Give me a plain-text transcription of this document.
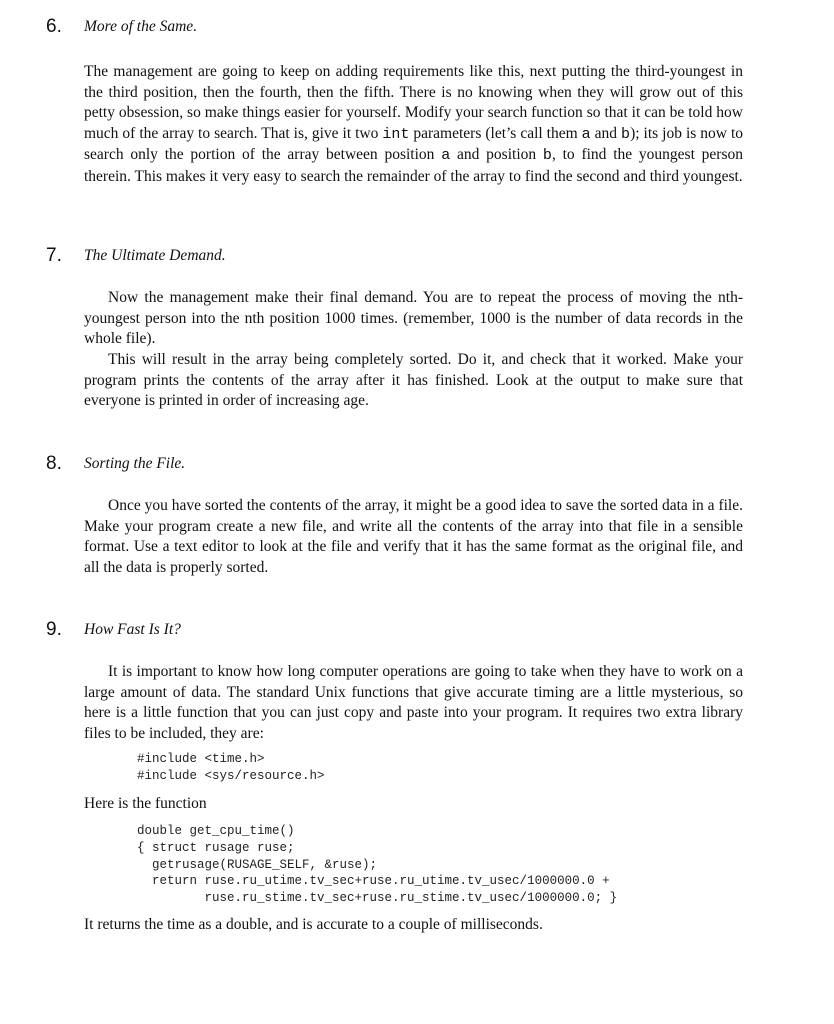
6. More of the Same.

The management are going to keep on adding requirements like this, next putting the third-youngest in the third position, then the fourth, then the fifth. There is no knowing when they will grow out of this petty obsession, so make things easier for yourself. Modify your search function so that it can be told how much of the array to search. That is, give it two int parameters (let’s call them a and b); its job is now to search only the portion of the array between position a and position b, to find the youngest person therein. This makes it very easy to search the remainder of the array to find the second and third youngest.

7. The Ultimate Demand.

Now the management make their final demand. You are to repeat the process of moving the nth-youngest person into the nth position 1000 times. (remember, 1000 is the number of data records in the whole file).

This will result in the array being completely sorted. Do it, and check that it worked. Make your program prints the contents of the array after it has finished. Look at the output to make sure that everyone is printed in order of increasing age.

8. Sorting the File.

Once you have sorted the contents of the array, it might be a good idea to save the sorted data in a file. Make your program create a new file, and write all the contents of the array into that file in a sensible format. Use a text editor to look at the file and verify that it has the same format as the original file, and all the data is properly sorted.

9. How Fast Is It?

It is important to know how long computer operations are going to take when they have to work on a large amount of data. The standard Unix functions that give accurate timing are a little mysterious, so here is a little function that you can just copy and paste into your program. It requires two extra library files to be included, they are:

#include <time.h>
#include <sys/resource.h>
Here is the function
double get_cpu_time()
{ struct rusage ruse;
getrusage(RUSAGE_SELF, &ruse);
return ruse.ru_utime.tv_sec+ruse.ru_utime.tv_usec/1000000.0 +
ruse.ru_stime.tv_sec+ruse.ru_stime.tv_usec/1000000.0; }
It returns the time as a double, and is accurate to a couple of milliseconds.
